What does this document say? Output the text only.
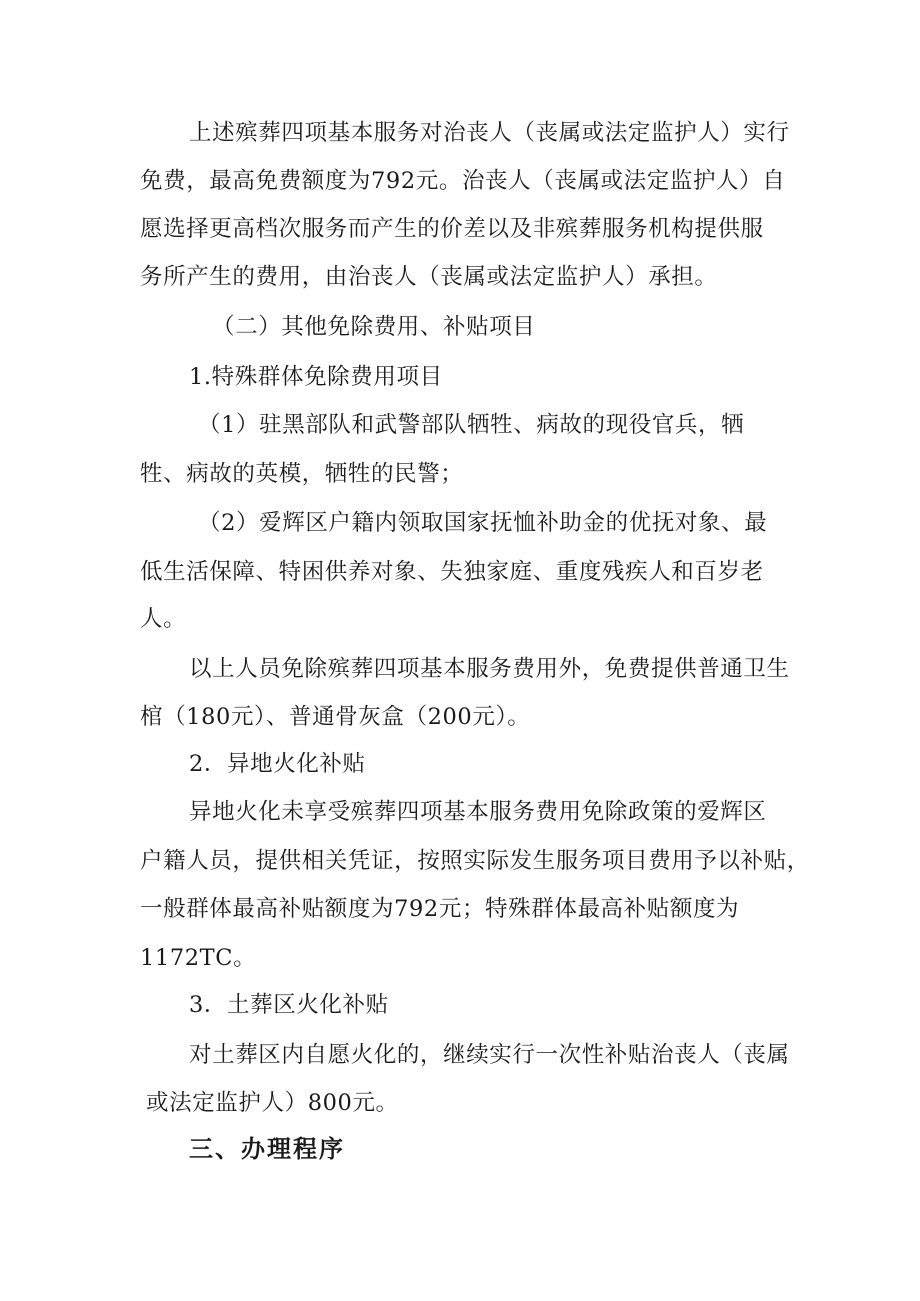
上述殡葬四项基本服务对治丧人（丧属或法定监护人）实行
免费，最高免费额度为792元。治丧人（丧属或法定监护人）自
愿选择更高档次服务而产生的价差以及非殡葬服务机构提供服
务所产生的费用，由治丧人（丧属或法定监护人）承担。
（二）其他免除费用、补贴项目
1.特殊群体免除费用项目
（1）驻黑部队和武警部队牺牲、病故的现役官兵，牺
牲、病故的英模，牺牲的民警；
（2）爱辉区户籍内领取国家抚恤补助金的优抚对象、最
低生活保障、特困供养对象、失独家庭、重度残疾人和百岁老
人。
以上人员免除殡葬四项基本服务费用外，免费提供普通卫生
棺（180元）、普通骨灰盒（200元）。
2．异地火化补贴
异地火化未享受殡葬四项基本服务费用免除政策的爱辉区
户籍人员，提供相关凭证，按照实际发生服务项目费用予以补贴，
一般群体最高补贴额度为792元；特殊群体最高补贴额度为
1172TC。
3．土葬区火化补贴
对土葬区内自愿火化的，继续实行一次性补贴治丧人（丧属
或法定监护人）800元。
三、办理程序
